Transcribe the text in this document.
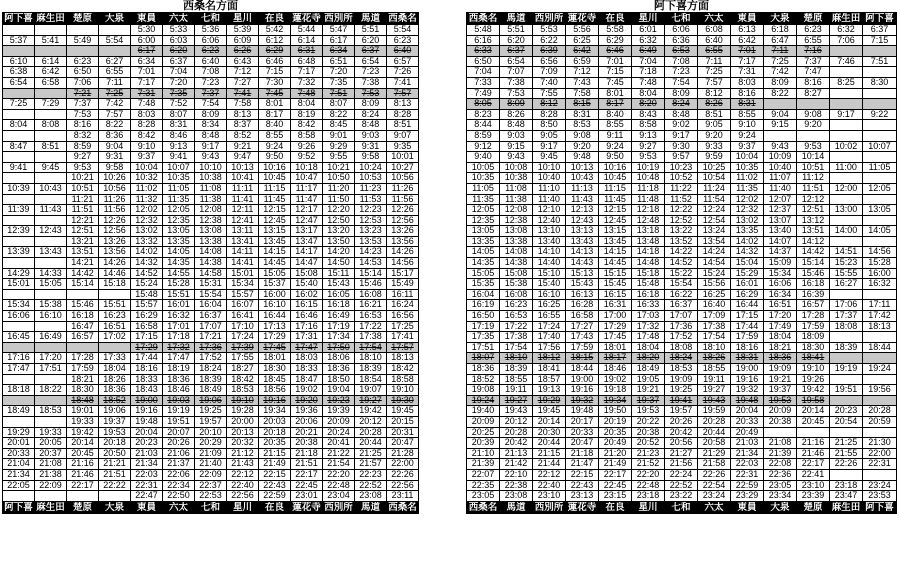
西桑名方面
阿下喜	麻生田	楚原	大泉	東員	六太	七和	星川	在良	蓮花寺	西別所	馬道	西桑名
				5:30	5:33	5:36	5:39	5:42	5:44	5:47	5:51	5:54
5:37	5:41	5:49	5:54	6:00	6:03	6:06	6:09	6:12	6:14	6:17	6:20	6:23
				6:17	6:20	6:23	6:26	6:29	6:31	6:34	6:37	6:40
6:10	6:14	6:23	6:27	6:34	6:37	6:40	6:43	6:46	6:48	6:51	6:54	6:57
6:38	6:42	6:50	6:55	7:01	7:04	7:08	7:12	7:15	7:17	7:20	7:23	7:26
6:54	6:58	7:06	7:11	7:17	7:20	7:23	7:27	7:30	7:32	7:35	7:38	7:41
		7:21	7:25	7:31	7:35	7:37	7:41	7:45	7:48	7:51	7:53	7:57
7:25	7:29	7:37	7:42	7:48	7:52	7:54	7:58	8:01	8:04	8:07	8:09	8:13
		7:53	7:57	8:03	8:07	8:09	8:13	8:17	8:19	8:22	8:24	8:28
8:04	8:08	8:16	8:22	8:28	8:31	8:34	8:37	8:40	8:42	8:45	8:48	8:51
		8:32	8:36	8:42	8:46	8:48	8:52	8:55	8:58	9:01	9:03	9:07
8:47	8:51	8:59	9:04	9:10	9:13	9:17	9:21	9:24	9:26	9:29	9:31	9:35
		9:27	9:31	9:37	9:41	9:43	9:47	9:50	9:52	9:55	9:58	10:01
9:41	9:45	9:53	9:58	10:04	10:07	10:10	10:13	10:16	10:18	10:21	10:24	10:27
		10:21	10:26	10:32	10:35	10:38	10:41	10:45	10:47	10:50	10:53	10:56
10:39	10:43	10:51	10:56	11:02	11:05	11:08	11:11	11:15	11:17	11:20	11:23	11:26
		11:21	11:26	11:32	11:35	11:38	11:41	11:45	11:47	11:50	11:53	11:56
11:39	11:43	11:51	11:56	12:02	12:05	12:08	12:11	12:15	12:17	12:20	12:23	12:26
		12:21	12:26	12:32	12:35	12:38	12:41	12:45	12:47	12:50	12:53	12:56
12:39	12:43	12:51	12:56	13:02	13:05	13:08	13:11	13:15	13:17	13:20	13:23	13:26
		13:21	13:26	13:32	13:35	13:38	13:41	13:45	13:47	13:50	13:53	13:56
13:39	13:43	13:51	13:56	14:02	14:05	14:08	14:11	14:15	14:17	14:20	14:23	14:26
		14:21	14:26	14:32	14:35	14:38	14:41	14:45	14:47	14:50	14:53	14:56
14:29	14:33	14:42	14:46	14:52	14:55	14:58	15:01	15:05	15:08	15:11	15:14	15:17
15:01	15:05	15:14	15:18	15:24	15:28	15:31	15:34	15:37	15:40	15:43	15:46	15:49
				15:48	15:51	15:54	15:57	16:00	16:02	16:05	16:08	16:11
15:34	15:38	15:46	15:51	15:57	16:01	16:04	16:07	16:10	16:15	16:18	16:21	16:24
16:06	16:10	16:18	16:23	16:29	16:32	16:37	16:41	16:44	16:46	16:49	16:53	16:56
		16:47	16:51	16:58	17:01	17:07	17:10	17:13	17:16	17:19	17:22	17:25
16:45	16:49	16:57	17:02	17:15	17:18	17:21	17:24	17:29	17:31	17:34	17:38	17:41
				17:29	17:32	17:36	17:39	17:45	17:47	17:50	17:54	17:57
17:16	17:20	17:28	17:33	17:44	17:47	17:52	17:55	18:01	18:03	18:06	18:10	18:13
17:47	17:51	17:59	18:04	18:16	18:19	18:24	18:27	18:30	18:33	18:36	18:39	18:42
		18:21	18:26	18:33	18:36	18:39	18:42	18:45	18:47	18:50	18:54	18:58
18:18	18:22	18:30	18:36	18:43	18:46	18:49	18:53	18:56	19:02	19:04	19:07	19:10
		18:48	18:52	19:00	19:03	19:06	19:10	19:16	19:20	19:23	19:27	19:30
18:49	18:53	19:01	19:06	19:16	19:19	19:25	19:28	19:34	19:36	19:39	19:42	19:45
		19:33	19:37	19:48	19:51	19:57	20:00	20:03	20:06	20:09	20:12	20:15
19:29	19:33	19:42	19:53	20:04	20:07	20:10	20:13	20:18	20:21	20:24	20:28	20:31
20:01	20:05	20:14	20:18	20:23	20:26	20:29	20:32	20:35	20:38	20:41	20:44	20:47
20:33	20:37	20:45	20:50	21:03	21:06	21:09	21:12	21:15	21:18	21:22	21:25	21:28
21:04	21:08	21:16	21:21	21:34	21:37	21:40	21:43	21:49	21:51	21:54	21:57	22:00
21:34	21:38	21:46	21:51	22:03	22:06	22:09	22:12	22:15	22:17	22:20	22:23	22:26
22:05	22:09	22:17	22:22	22:31	22:34	22:37	22:40	22:43	22:45	22:48	22:52	22:56
				22:47	22:50	22:53	22:56	22:59	23:01	23:04	23:08	23:11
阿下喜	麻生田	楚原	大泉	東員	六太	七和	星川	在良	蓮花寺	西別所	馬道	西桑名
阿下喜方面
西桑名	馬道	西別所	蓮花寺	在良	星川	七和	六太	東員	大泉	楚原	麻生田	阿下喜
5:48	5:51	5:53	5:56	5:58	6:01	6:06	6:08	6:13	6:18	6:23	6:32	6:37
6:16	6:20	6:22	6:25	6:29	6:32	6:36	6:40	6:42	6:47	6:55	7:06	7:15
6:33	6:37	6:39	6:42	6:46	6:49	6:53	6:55	7:01	7:11	7:16		
6:50	6:54	6:56	6:59	7:01	7:04	7:08	7:11	7:17	7:25	7:37	7:46	7:51
7:04	7:07	7:09	7:12	7:15	7:18	7:23	7:25	7:31	7:42	7:47		
7:33	7:38	7:40	7:43	7:45	7:48	7:54	7:57	8:03	8:09	8:16	8:25	8:30
7:49	7:53	7:55	7:58	8:01	8:04	8:09	8:12	8:16	8:22	8:27		
8:05	8:09	8:12	8:15	8:17	8:20	8:24	8:26	8:31				
8:23	8:26	8:28	8:31	8:40	8:43	8:48	8:51	8:55	9:04	9:08	9:17	9:22
8:44	8:48	8:50	8:53	8:55	8:58	9:02	9:05	9:10	9:15	9:20		
8:59	9:03	9:05	9:08	9:11	9:13	9:17	9:20	9:24				
9:12	9:15	9:17	9:20	9:24	9:27	9:30	9:33	9:37	9:43	9:53	10:02	10:07
9:40	9:43	9:45	9:48	9:50	9:53	9:57	9:59	10:04	10:09	10:14		
10:05	10:08	10:10	10:13	10:16	10:19	10:23	10:25	10:35	10:40	10:51	11:00	11:05
10:35	10:38	10:40	10:43	10:45	10:48	10:52	10:54	11:02	11:07	11:12		
11:05	11:08	11:10	11:13	11:15	11:18	11:22	11:24	11:35	11:40	11:51	12:00	12:05
11:35	11:38	11:40	11:43	11:45	11:48	11:52	11:54	12:02	12:07	12:12		
12:05	12:08	12:10	12:13	12:15	12:18	12:22	12:24	12:32	12:37	12:51	13:00	13:05
12:35	12:38	12:40	12:43	12:45	12:48	12:52	12:54	13:02	13:07	13:12		
13:05	13:08	13:10	13:13	13:15	13:18	13:22	13:24	13:35	13:40	13:51	14:00	14:05
13:35	13:38	13:40	13:43	13:45	13:48	13:52	13:54	14:02	14:07	14:12		
14:05	14:08	14:10	14:13	14:15	14:18	14:22	14:24	14:32	14:37	14:42	14:51	14:56
14:35	14:38	14:40	14:43	14:45	14:48	14:52	14:54	15:04	15:09	15:14	15:23	15:28
15:05	15:08	15:10	15:13	15:15	15:18	15:22	15:24	15:29	15:34	15:46	15:55	16:00
15:35	15:38	15:40	15:43	15:45	15:48	15:54	15:56	16:01	16:06	16:18	16:27	16:32
16:04	16:08	16:10	16:13	16:15	16:18	16:22	16:25	16:29	16:34	16:39		
16:19	16:23	16:25	16:28	16:31	16:33	16:37	16:40	16:44	16:51	16:57	17:06	17:11
16:50	16:53	16:55	16:58	17:00	17:03	17:07	17:09	17:15	17:20	17:28	17:37	17:42
17:19	17:22	17:24	17:27	17:29	17:32	17:36	17:38	17:44	17:49	17:59	18:08	18:13
17:35	17:38	17:40	17:43	17:45	17:48	17:52	17:54	17:59	18:04	18:09		
17:51	17:54	17:56	17:59	18:01	18:04	18:08	18:10	18:16	18:21	18:30	18:39	18:44
18:07	18:10	18:12	18:15	18:17	18:20	18:24	18:26	18:31	18:36	18:41		
18:36	18:39	18:41	18:44	18:46	18:49	18:53	18:55	19:00	19:09	19:10	19:19	19:24
18:52	18:55	18:57	19:00	19:02	19:05	19:09	19:11	19:16	19:21	19:26		
19:08	19:11	19:13	19:16	19:18	19:21	19:25	19:27	19:32	19:37	19:42	19:51	19:56
19:24	19:27	19:29	19:32	19:34	19:37	19:41	19:43	19:48	19:53	19:58		
19:40	19:43	19:45	19:48	19:50	19:53	19:57	19:59	20:04	20:09	20:14	20:23	20:28
20:09	20:12	20:14	20:17	20:19	20:22	20:26	20:28	20:33	20:38	20:45	20:54	20:59
20:25	20:28	20:30	20:33	20:35	20:38	20:42	20:44	20:49				
20:39	20:42	20:44	20:47	20:49	20:52	20:56	20:58	21:03	21:08	21:16	21:25	21:30
21:10	21:13	21:15	21:18	21:20	21:23	21:27	21:29	21:34	21:39	21:46	21:55	22:00
21:39	21:42	21:44	21:47	21:49	21:52	21:56	21:58	22:03	22:08	22:17	22:26	22:31
22:07	22:10	22:12	22:15	22:17	22:20	22:24	22:26	22:31	22:36	22:41		
22:35	22:38	22:40	22:43	22:45	22:48	22:52	22:54	22:59	23:05	23:10	23:18	23:24
23:05	23:08	23:10	23:13	23:15	23:18	23:22	23:24	23:29	23:34	23:39	23:47	23:53
西桑名	馬道	西別所	蓮花寺	在良	星川	七和	六太	東員	大泉	楚原	麻生田	阿下喜
